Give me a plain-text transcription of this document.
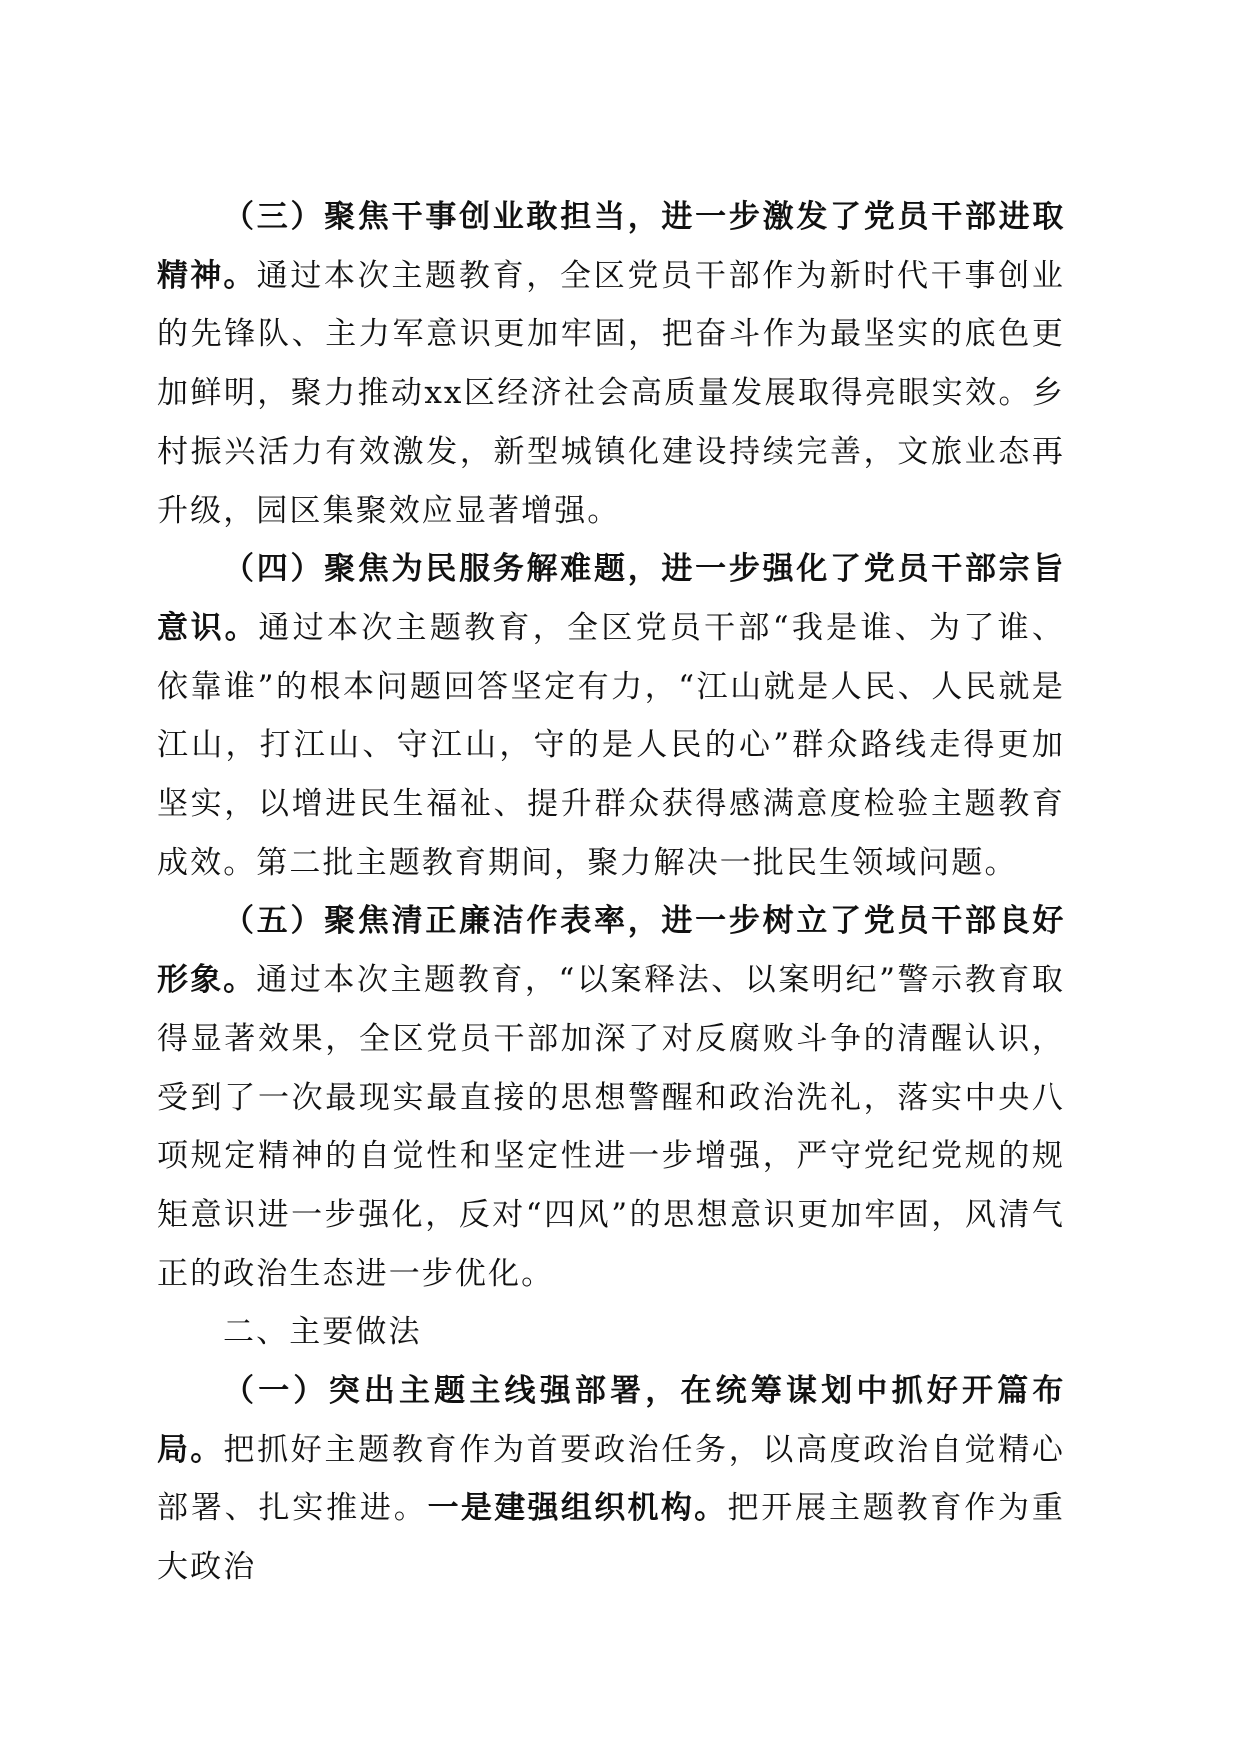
（三）聚焦干事创业敢担当，进一步激发了党员干部进取精神。通过本次主题教育，全区党员干部作为新时代干事创业的先锋队、主力军意识更加牢固，把奋斗作为最坚实的底色更加鲜明，聚力推动xx区经济社会高质量发展取得亮眼实效。乡村振兴活力有效激发，新型城镇化建设持续完善，文旅业态再升级，园区集聚效应显著增强。

（四）聚焦为民服务解难题，进一步强化了党员干部宗旨意识。通过本次主题教育，全区党员干部“我是谁、为了谁、依靠谁”的根本问题回答坚定有力，“江山就是人民、人民就是江山，打江山、守江山，守的是人民的心”群众路线走得更加坚实，以增进民生福祉、提升群众获得感满意度检验主题教育成效。第二批主题教育期间，聚力解决一批民生领域问题。

（五）聚焦清正廉洁作表率，进一步树立了党员干部良好形象。通过本次主题教育，“以案释法、以案明纪”警示教育取得显著效果，全区党员干部加深了对反腐败斗争的清醒认识，受到了一次最现实最直接的思想警醒和政治洗礼，落实中央八项规定精神的自觉性和坚定性进一步增强，严守党纪党规的规矩意识进一步强化，反对“四风”的思想意识更加牢固，风清气正的政治生态进一步优化。

二、主要做法

（一）突出主题主线强部署，在统筹谋划中抓好开篇布局。把抓好主题教育作为首要政治任务，以高度政治自觉精心部署、扎实推进。一是建强组织机构。把开展主题教育作为重大政治
